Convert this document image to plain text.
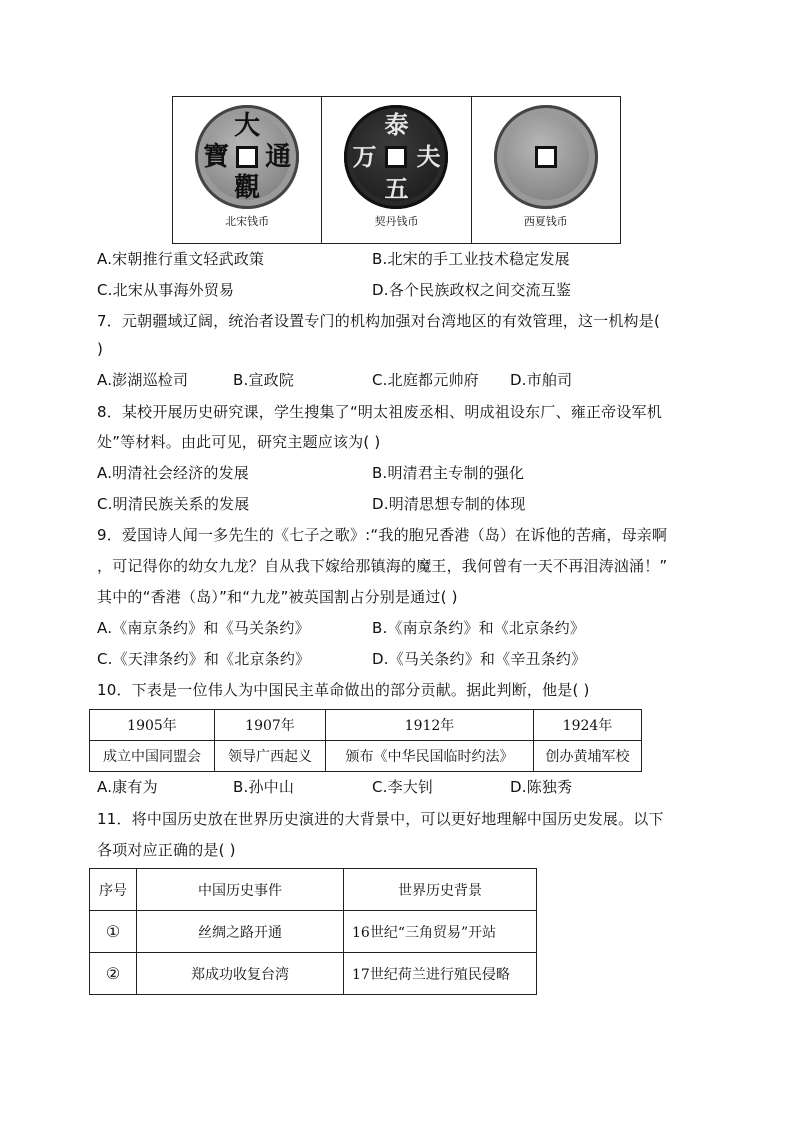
大
通
觀
寶
北宋钱币
泰
夫
五
万
契丹钱币	西夏钱币
A.宋朝推行重文轻武政策	B.北宋的手工业技术稳定发展
C.北宋从事海外贸易	D.各个民族政权之间交流互鉴
7．元朝疆域辽阔，统治者设置专门的机构加强对台湾地区的有效管理，这一机构是(
)
A.澎湖巡检司	B.宣政院	C.北庭都元帅府 D.市舶司
8．某校开展历史研究课，学生搜集了“明太祖废丞相、明成祖设东厂、雍正帝设军机
处”等材料。由此可见，研究主题应该为( )
A.明清社会经济的发展	B.明清君主专制的强化
C.明清民族关系的发展	D.明清思想专制的体现
9．爱国诗人闻一多先生的《七子之歌》:“我的胞兄香港（岛）在诉他的苦痛，母亲啊
，可记得你的幼女九龙？自从我下嫁给那镇海的魔王，我何曾有一天不再泪涛汹涌！”
其中的“香港（岛）”和“九龙”被英国割占分别是通过( )
A.《南京条约》和《马关条约》	B.《南京条约》和《北京条约》
C.《天津条约》和《北京条约》	D.《马关条约》和《辛丑条约》
10．下表是一位伟人为中国民主革命做出的部分贡献。据此判断，他是( )
1905年	1907年	1912年	1924年
成立中国同盟会	领导广西起义	颁布《中华民国临时约法》	创办黄埔军校
A.康有为	B.孙中山	C.李大钊	D.陈独秀
11．将中国历史放在世界历史演进的大背景中，可以更好地理解中国历史发展。以下
各项对应正确的是( )
序号	中国历史事件	世界历史背景
①	丝绸之路开通	16世纪“三角贸易”开站
②	郑成功收复台湾	17世纪荷兰进行殖民侵略
